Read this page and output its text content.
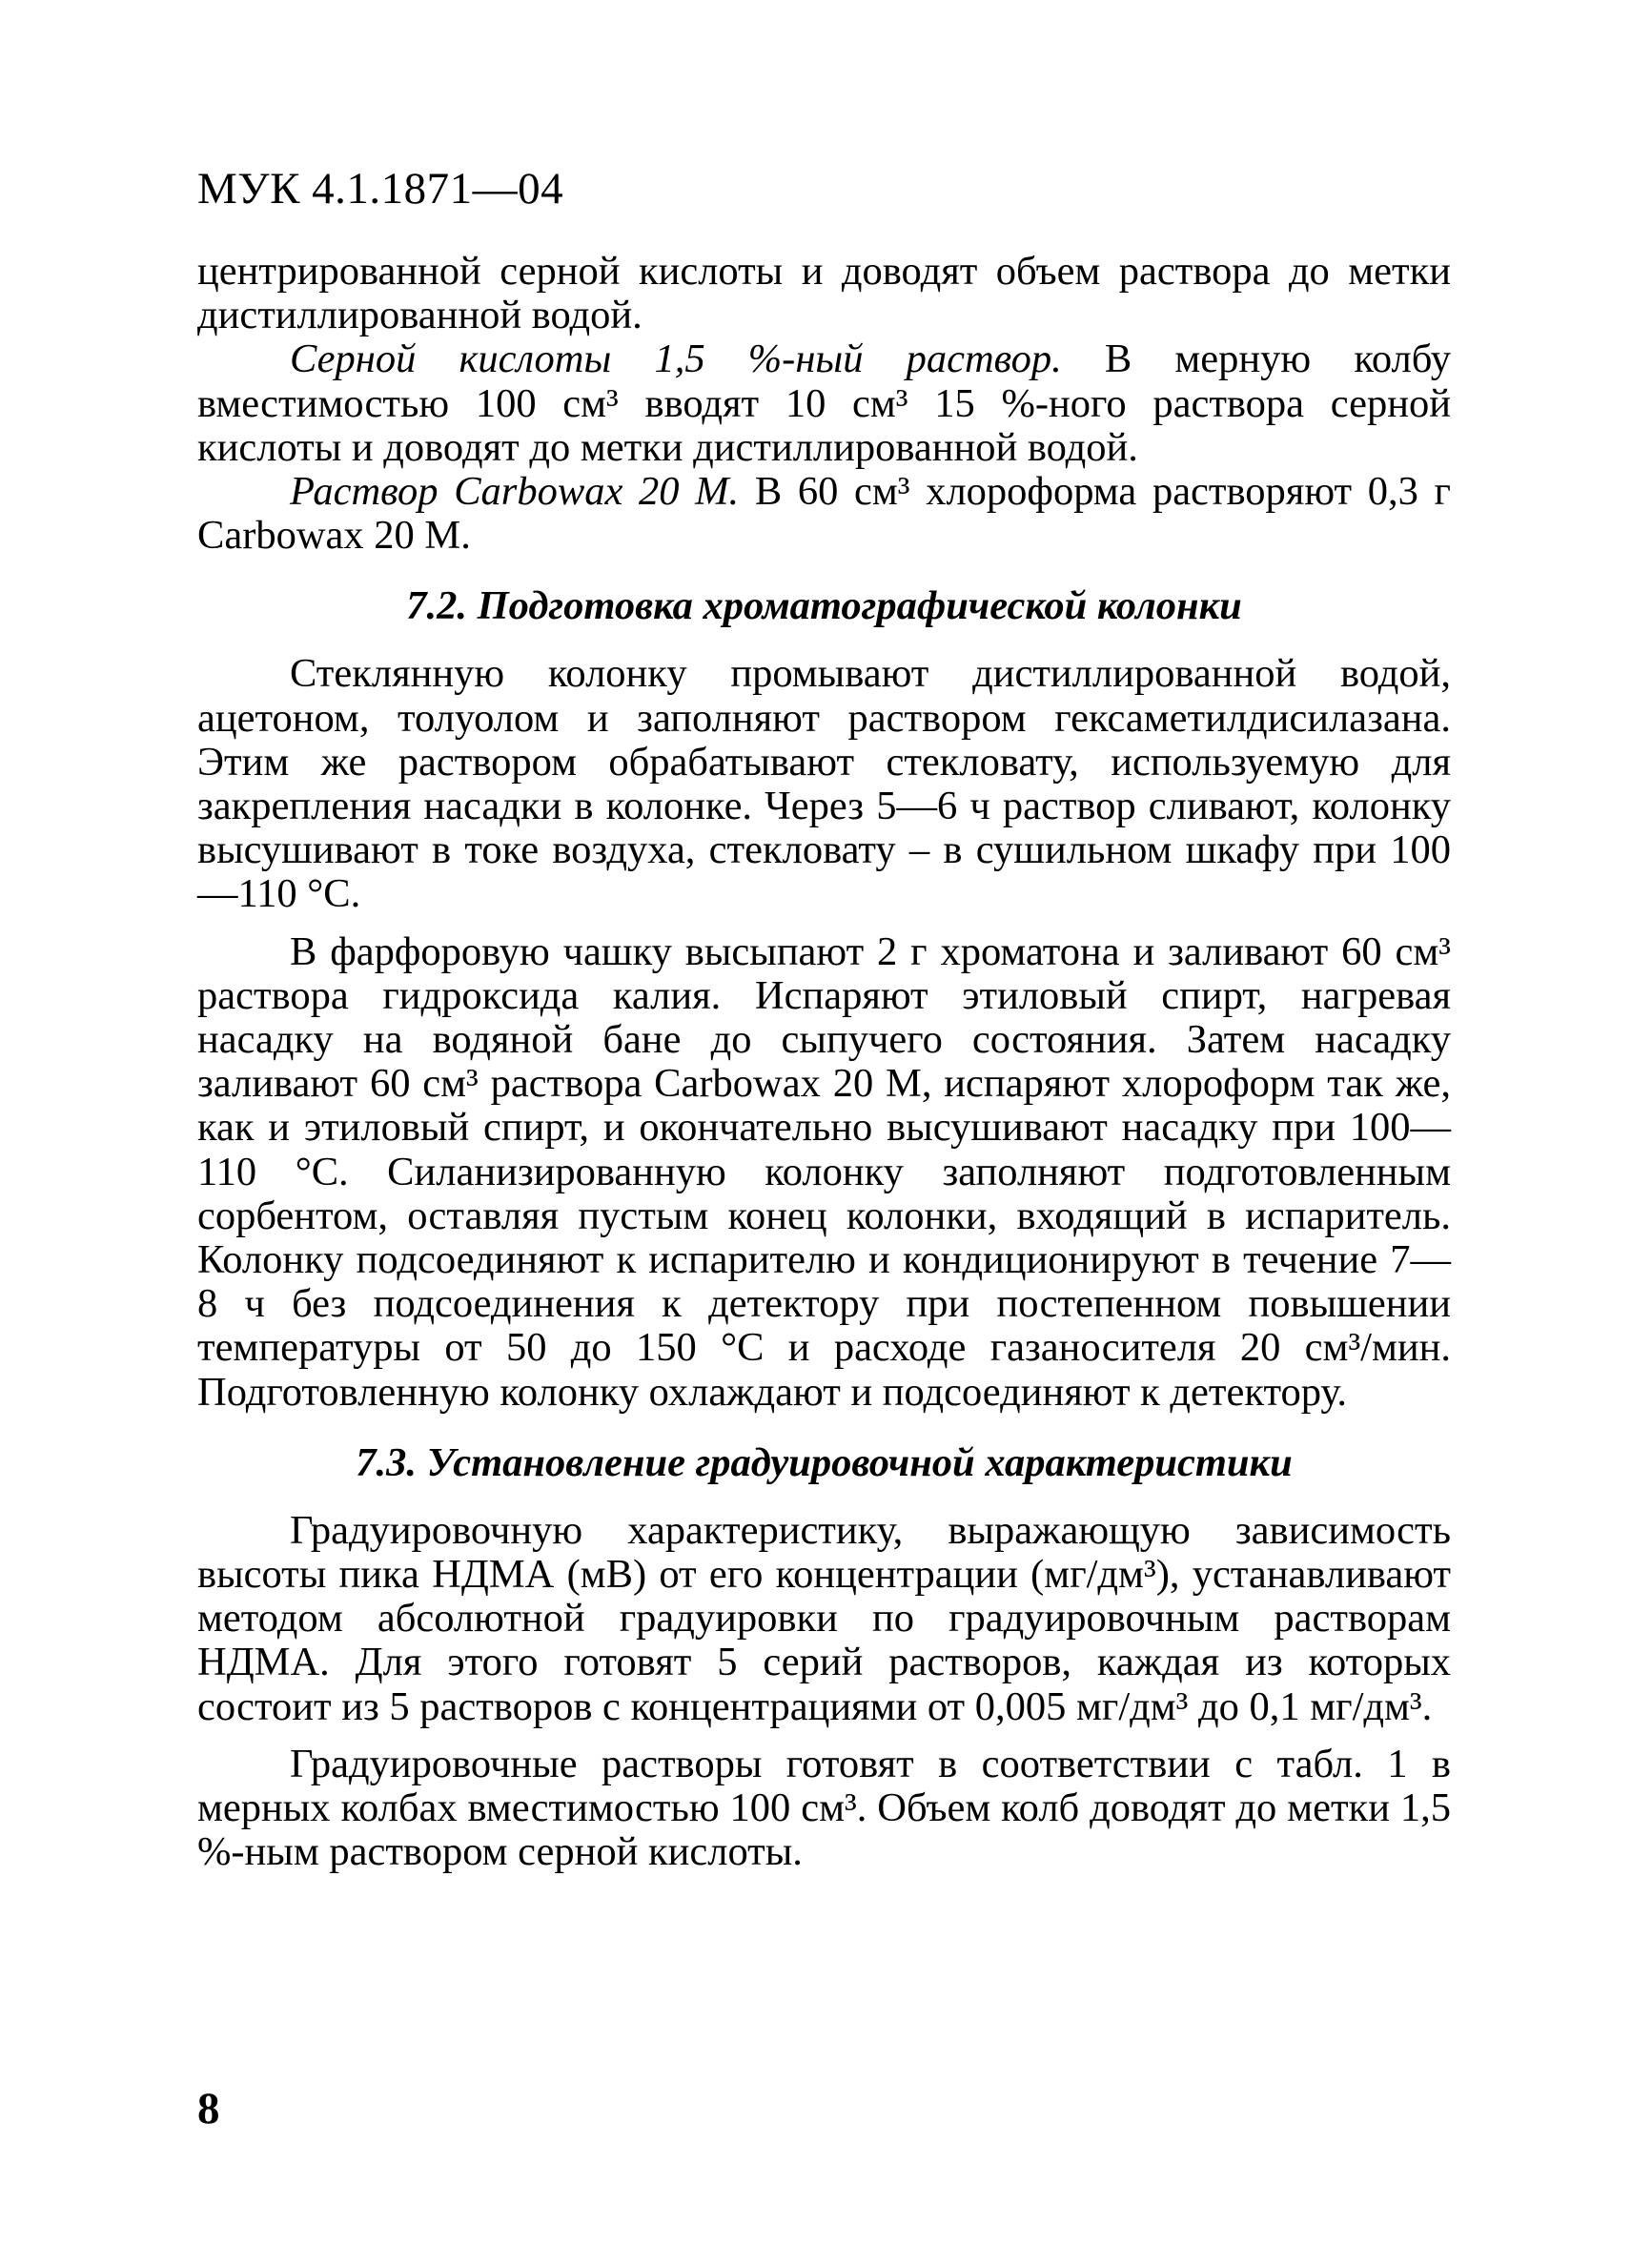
МУК 4.1.1871—04

центрированной серной кислоты и доводят объем раствора до метки дистиллированной водой.

Серной кислоты 1,5 %-ный раствор. В мерную колбу вместимостью 100 см³ вводят 10 см³ 15 %-ного раствора серной кислоты и доводят до метки дистиллированной водой.

Раствор Carbowax 20 М. В 60 см³ хлороформа растворяют 0,3 г Carbowax 20 М.

7.2. Подготовка хроматографической колонки

Стеклянную колонку промывают дистиллированной водой, ацетоном, толуолом и заполняют раствором гексаметилдисилазана. Этим же раствором обрабатывают стекловату, используемую для закрепления насадки в колонке. Через 5—6 ч раствор сливают, колонку высушивают в токе воздуха, стекловату – в сушильном шкафу при 100—110 °С.

В фарфоровую чашку высыпают 2 г хроматона и заливают 60 см³ раствора гидроксида калия. Испаряют этиловый спирт, нагревая насадку на водяной бане до сыпучего состояния. Затем насадку заливают 60 см³ раствора Carbowax 20 М, испаряют хлороформ так же, как и этиловый спирт, и окончательно высушивают насадку при 100—110 °С. Силанизированную колонку заполняют подготовленным сорбентом, оставляя пустым конец колонки, входящий в испаритель. Колонку подсоединяют к испарителю и кондиционируют в течение 7—8 ч без подсоединения к детектору при постепенном повышении температуры от 50 до 150 °С и расходе газаносителя 20 см³/мин. Подготовленную колонку охлаждают и подсоединяют к детектору.

7.3. Установление градуировочной характеристики

Градуировочную характеристику, выражающую зависимость высоты пика НДМА (мВ) от его концентрации (мг/дм³), устанавливают методом абсолютной градуировки по градуировочным растворам НДМА. Для этого готовят 5 серий растворов, каждая из которых состоит из 5 растворов с концентрациями от 0,005 мг/дм³ до 0,1 мг/дм³.

Градуировочные растворы готовят в соответствии с табл. 1 в мерных колбах вместимостью 100 см³. Объем колб доводят до метки 1,5 %-ным раствором серной кислоты.

8
